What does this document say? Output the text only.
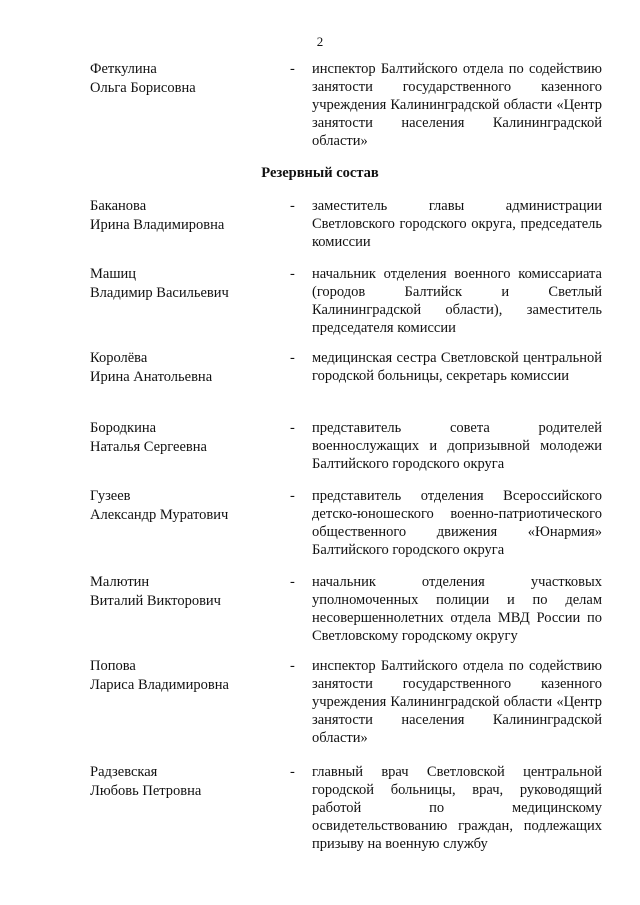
2
Феткулина
Ольга Борисовна
- инспектор Балтийского отдела по содействию занятости государственного казенного учреждения Калининградской области «Центр занятости населения Калининградской области»
Резервный состав
Баканова
Ирина Владимировна
- заместитель главы администрации Светловского городского округа, председатель комиссии
Машиц
Владимир Васильевич
- начальник отделения военного комиссариата (городов Балтийск и Светлый Калининградской области), заместитель председателя комиссии
Королёва
Ирина Анатольевна
- медицинская сестра Светловской центральной городской больницы, секретарь комиссии
Бородкина
Наталья Сергеевна
- представитель совета родителей военнослужащих и допризывной молодежи Балтийского городского округа
Гузеев
Александр Муратович
- представитель отделения Всероссийского детско-юношеского военно-патриотического общественного движения «Юнармия» Балтийского городского округа
Малютин
Виталий Викторович
- начальник отделения участковых уполномоченных полиции и по делам несовершеннолетних отдела МВД России по Светловскому городскому округу
Попова
Лариса Владимировна
- инспектор Балтийского отдела по содействию занятости государственного казенного учреждения Калининградской области «Центр занятости населения Калининградской области»
Радзевская
Любовь Петровна
- главный врач Светловской центральной городской больницы, врач, руководящий работой по медицинскому освидетельствованию граждан, подлежащих призыву на военную службу
